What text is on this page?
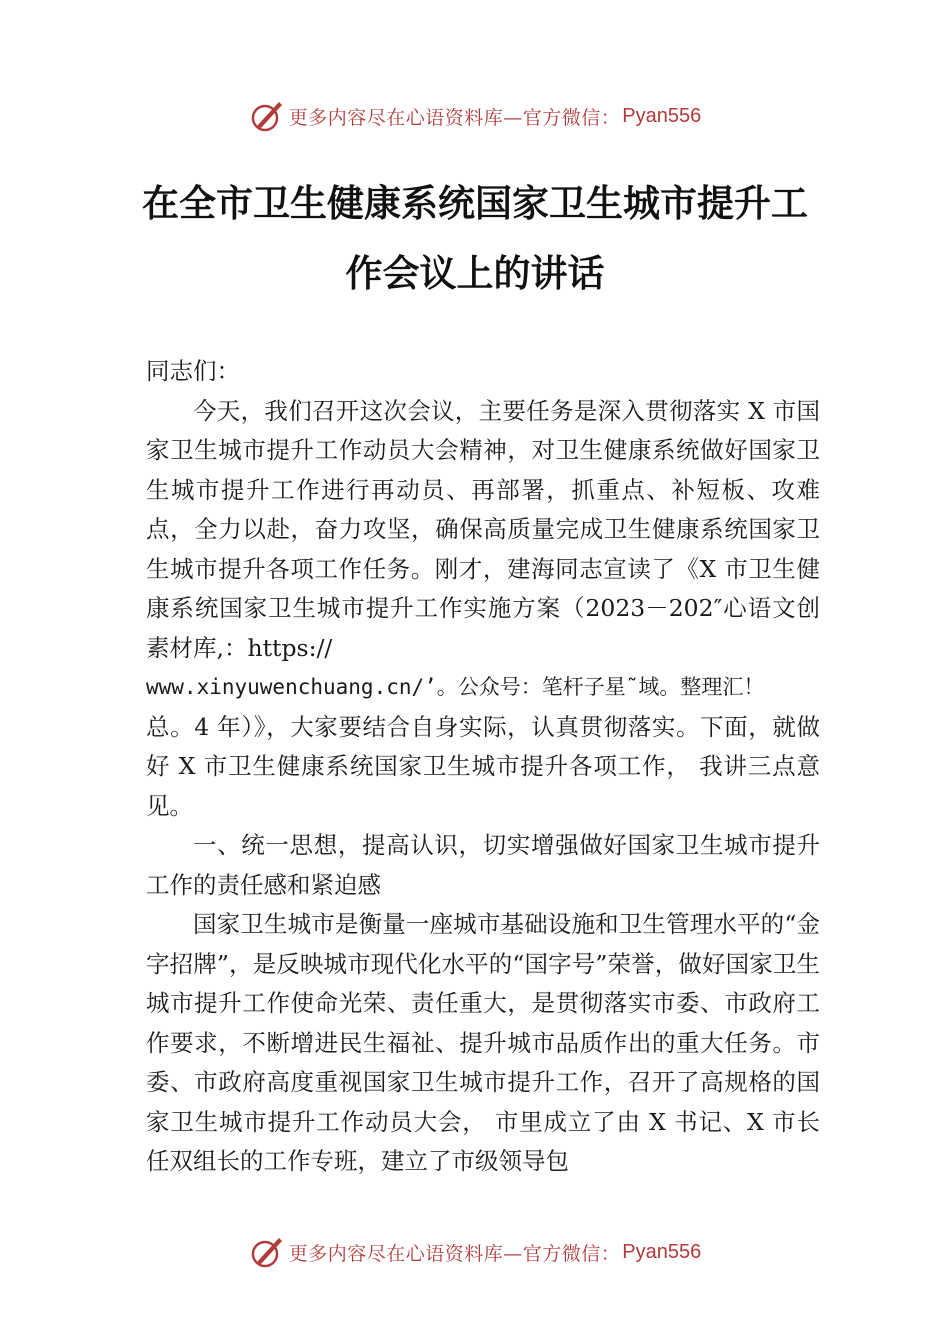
更多内容尽在心语资料库—官方微信： Pyan556
在全市卫生健康系统国家卫生城市提升工
作会议上的讲话

同志们：

今天，我们召开这次会议，主要任务是深入贯彻落实 X 市国家卫生城市提升工作动员大会精神，对卫生健康系统做好国家卫生城市提升工作进行再动员、再部署，抓重点、补短板、攻难点，全力以赴，奋力攻坚，确保高质量完成卫生健康系统国家卫生城市提升各项工作任务。刚才，建海同志宣读了《X 市卫生健康系统国家卫生城市提升工作实施方案（2023－202″心语文创素材库,：https://

www.xinyuwenchuang.cn/’。公众号：笔杆子星˜域。整理汇！

总。4 年）》，大家要结合自身实际，认真贯彻落实。下面，就做好 X 市卫生健康系统国家卫生城市提升各项工作， 我讲三点意见。

一、统一思想，提高认识，切实增强做好国家卫生城市提升工作的责任感和紧迫感

国家卫生城市是衡量一座城市基础设施和卫生管理水平的“金字招牌”，是反映城市现代化水平的“国字号”荣誉，做好国家卫生城市提升工作使命光荣、责任重大，是贯彻落实市委、市政府工作要求，不断增进民生福祉、提升城市品质作出的重大任务。市委、市政府高度重视国家卫生城市提升工作，召开了高规格的国家卫生城市提升工作动员大会， 市里成立了由 X 书记、X 市长任双组长的工作专班，建立了市级领导包

更多内容尽在心语资料库—官方微信： Pyan556
